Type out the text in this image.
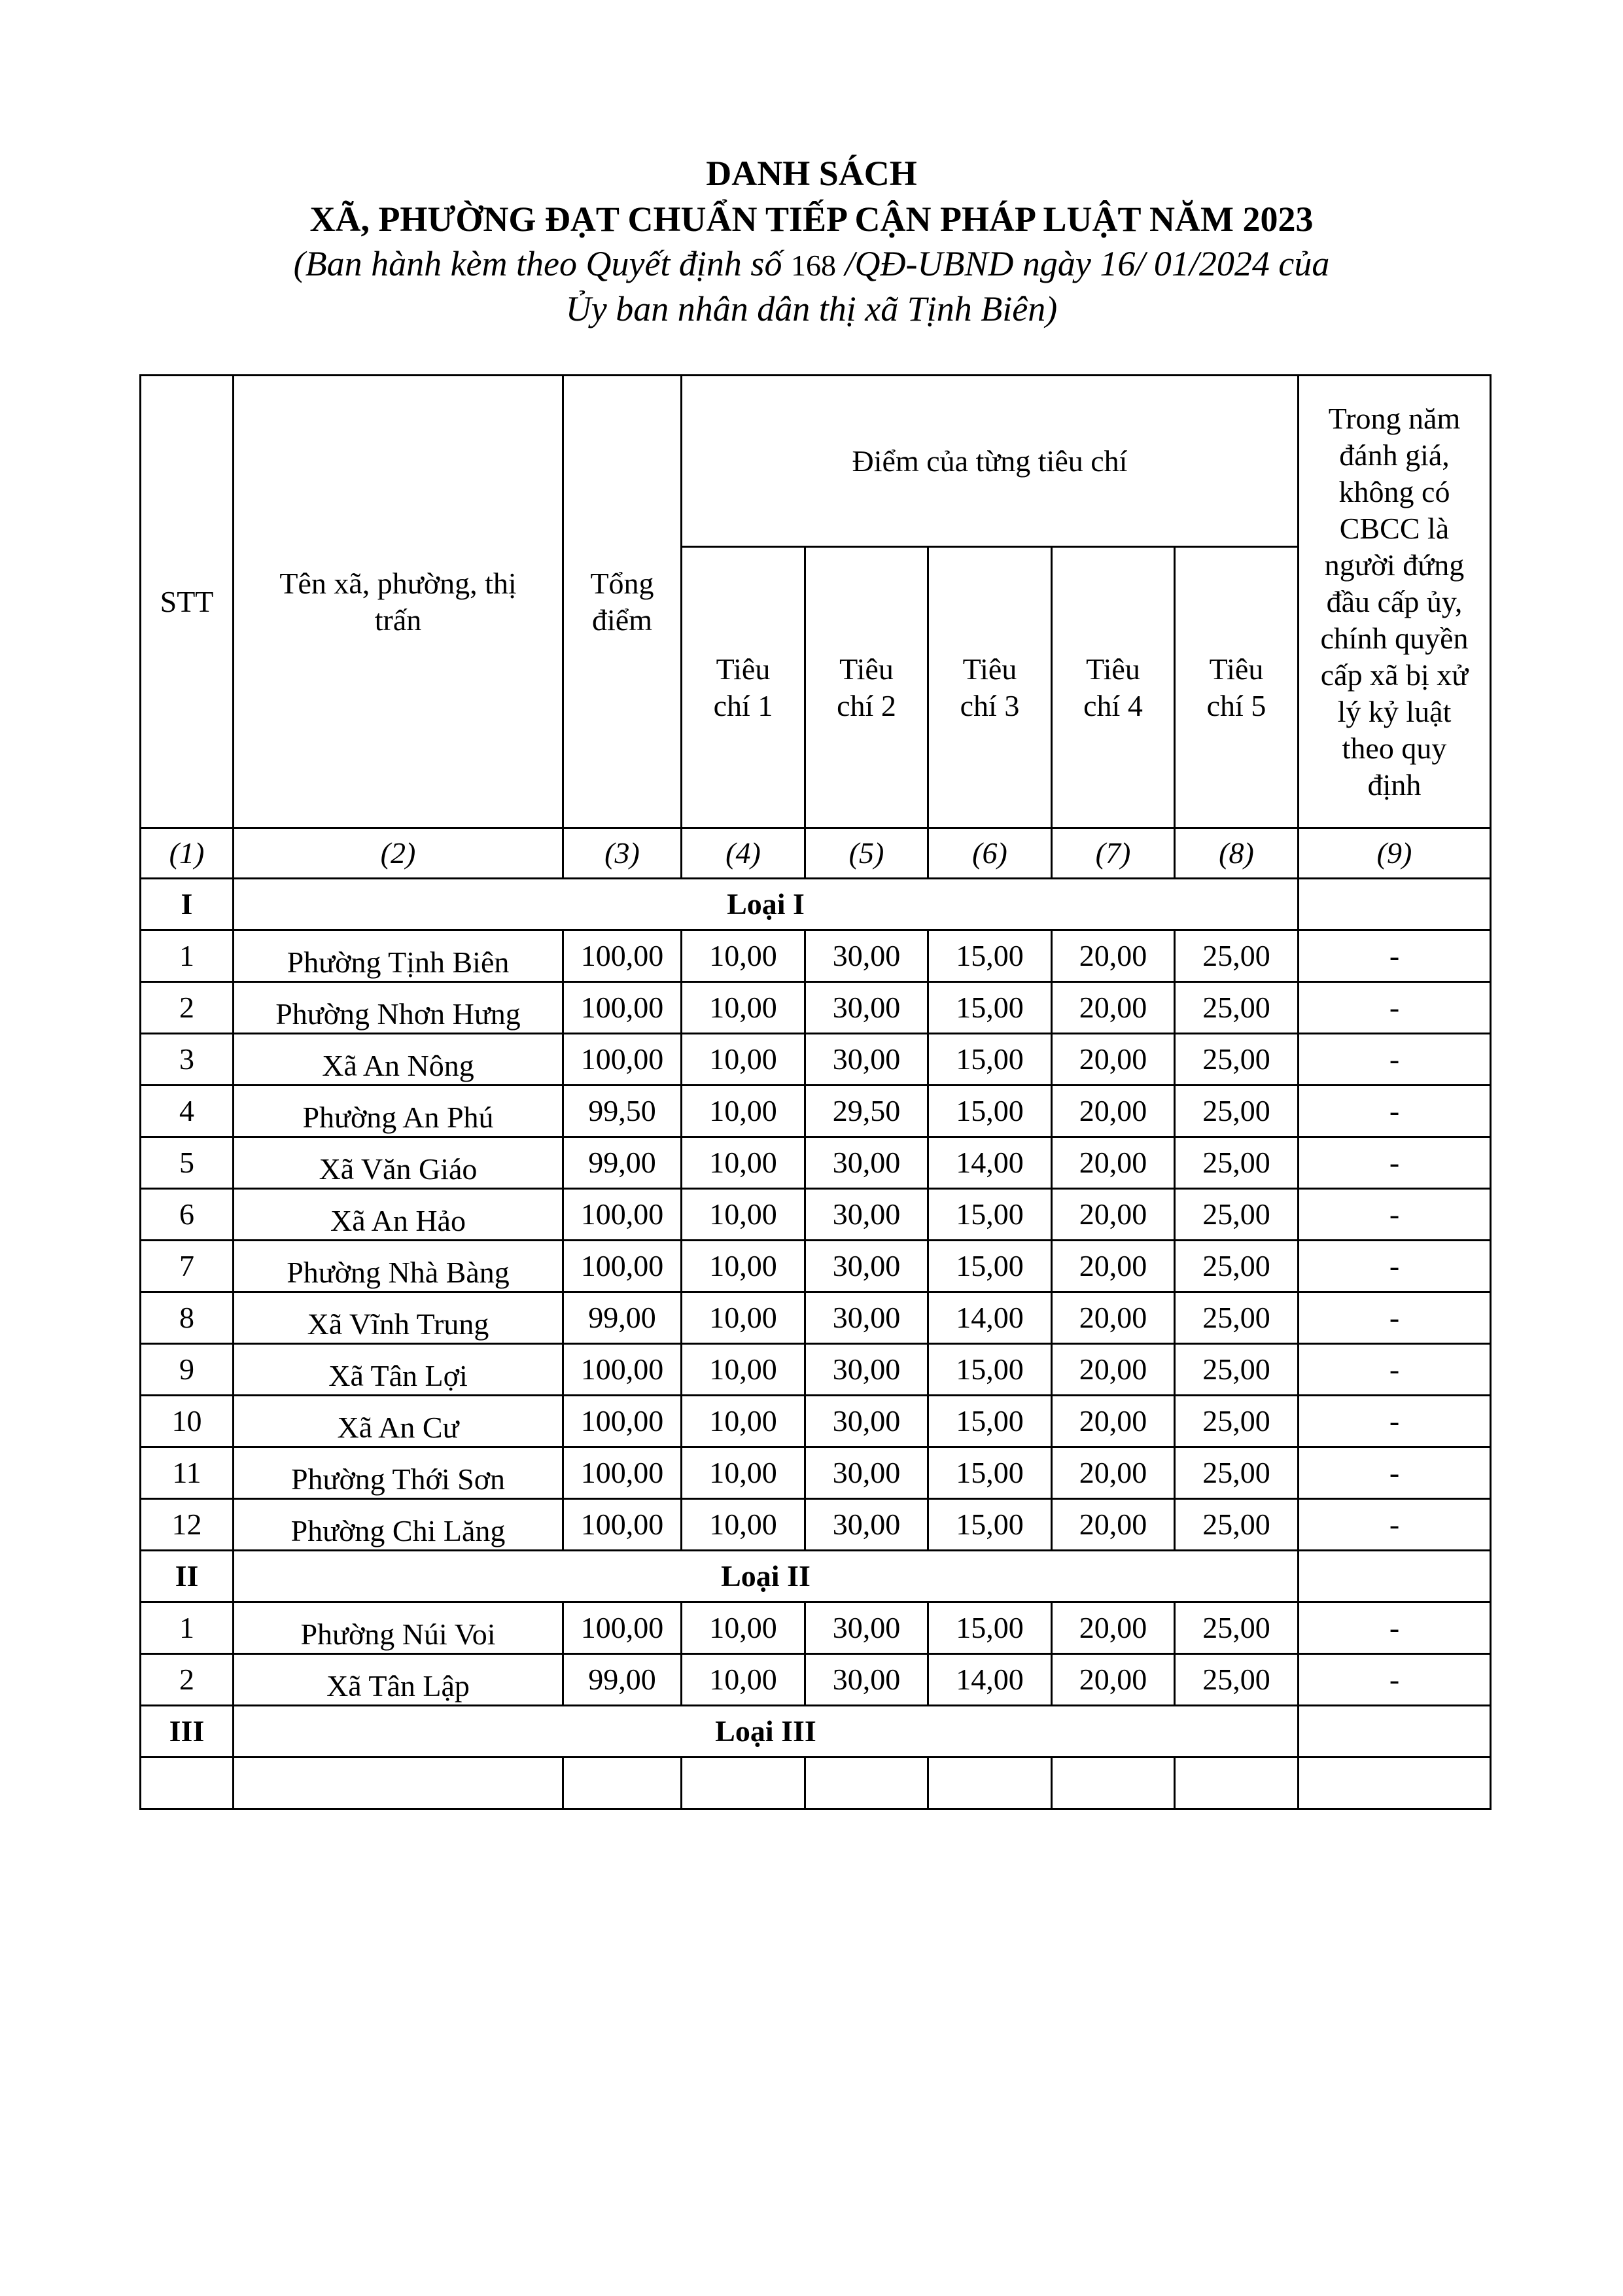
DANH SÁCH
XÃ, PHƯỜNG ĐẠT CHUẨN TIẾP CẬN PHÁP LUẬT NĂM 2023
(Ban hành kèm theo Quyết định số 168 /QĐ-UBND ngày 16/ 01/2024 của
Ủy ban nhân dân thị xã Tịnh Biên)
STT	Tên xã, phường, thị trấn	Tổng điểm	Điểm của từng tiêu chí					Trong năm đánh giá, không có CBCC là người đứng đầu cấp ủy, chính quyền cấp xã bị xử lý kỷ luật theo quy định
			Tiêu chí 1	Tiêu chí 2	Tiêu chí 3	Tiêu chí 4	Tiêu chí 5	
(1)	(2)	(3)	(4)	(5)	(6)	(7)	(8)	(9)
I	Loại I							
1	Phường Tịnh Biên	100,00	10,00	30,00	15,00	20,00	25,00	-
2	Phường Nhơn Hưng	100,00	10,00	30,00	15,00	20,00	25,00	-
3	Xã An Nông	100,00	10,00	30,00	15,00	20,00	25,00	-
4	Phường An Phú	99,50	10,00	29,50	15,00	20,00	25,00	-
5	Xã Văn Giáo	99,00	10,00	30,00	14,00	20,00	25,00	-
6	Xã An Hảo	100,00	10,00	30,00	15,00	20,00	25,00	-
7	Phường Nhà Bàng	100,00	10,00	30,00	15,00	20,00	25,00	-
8	Xã Vĩnh Trung	99,00	10,00	30,00	14,00	20,00	25,00	-
9	Xã Tân Lợi	100,00	10,00	30,00	15,00	20,00	25,00	-
10	Xã An Cư	100,00	10,00	30,00	15,00	20,00	25,00	-
11	Phường Thới Sơn	100,00	10,00	30,00	15,00	20,00	25,00	-
12	Phường Chi Lăng	100,00	10,00	30,00	15,00	20,00	25,00	-
II	Loại II							
1	Phường Núi Voi	100,00	10,00	30,00	15,00	20,00	25,00	-
2	Xã Tân Lập	99,00	10,00	30,00	14,00	20,00	25,00	-
III	Loại III							
